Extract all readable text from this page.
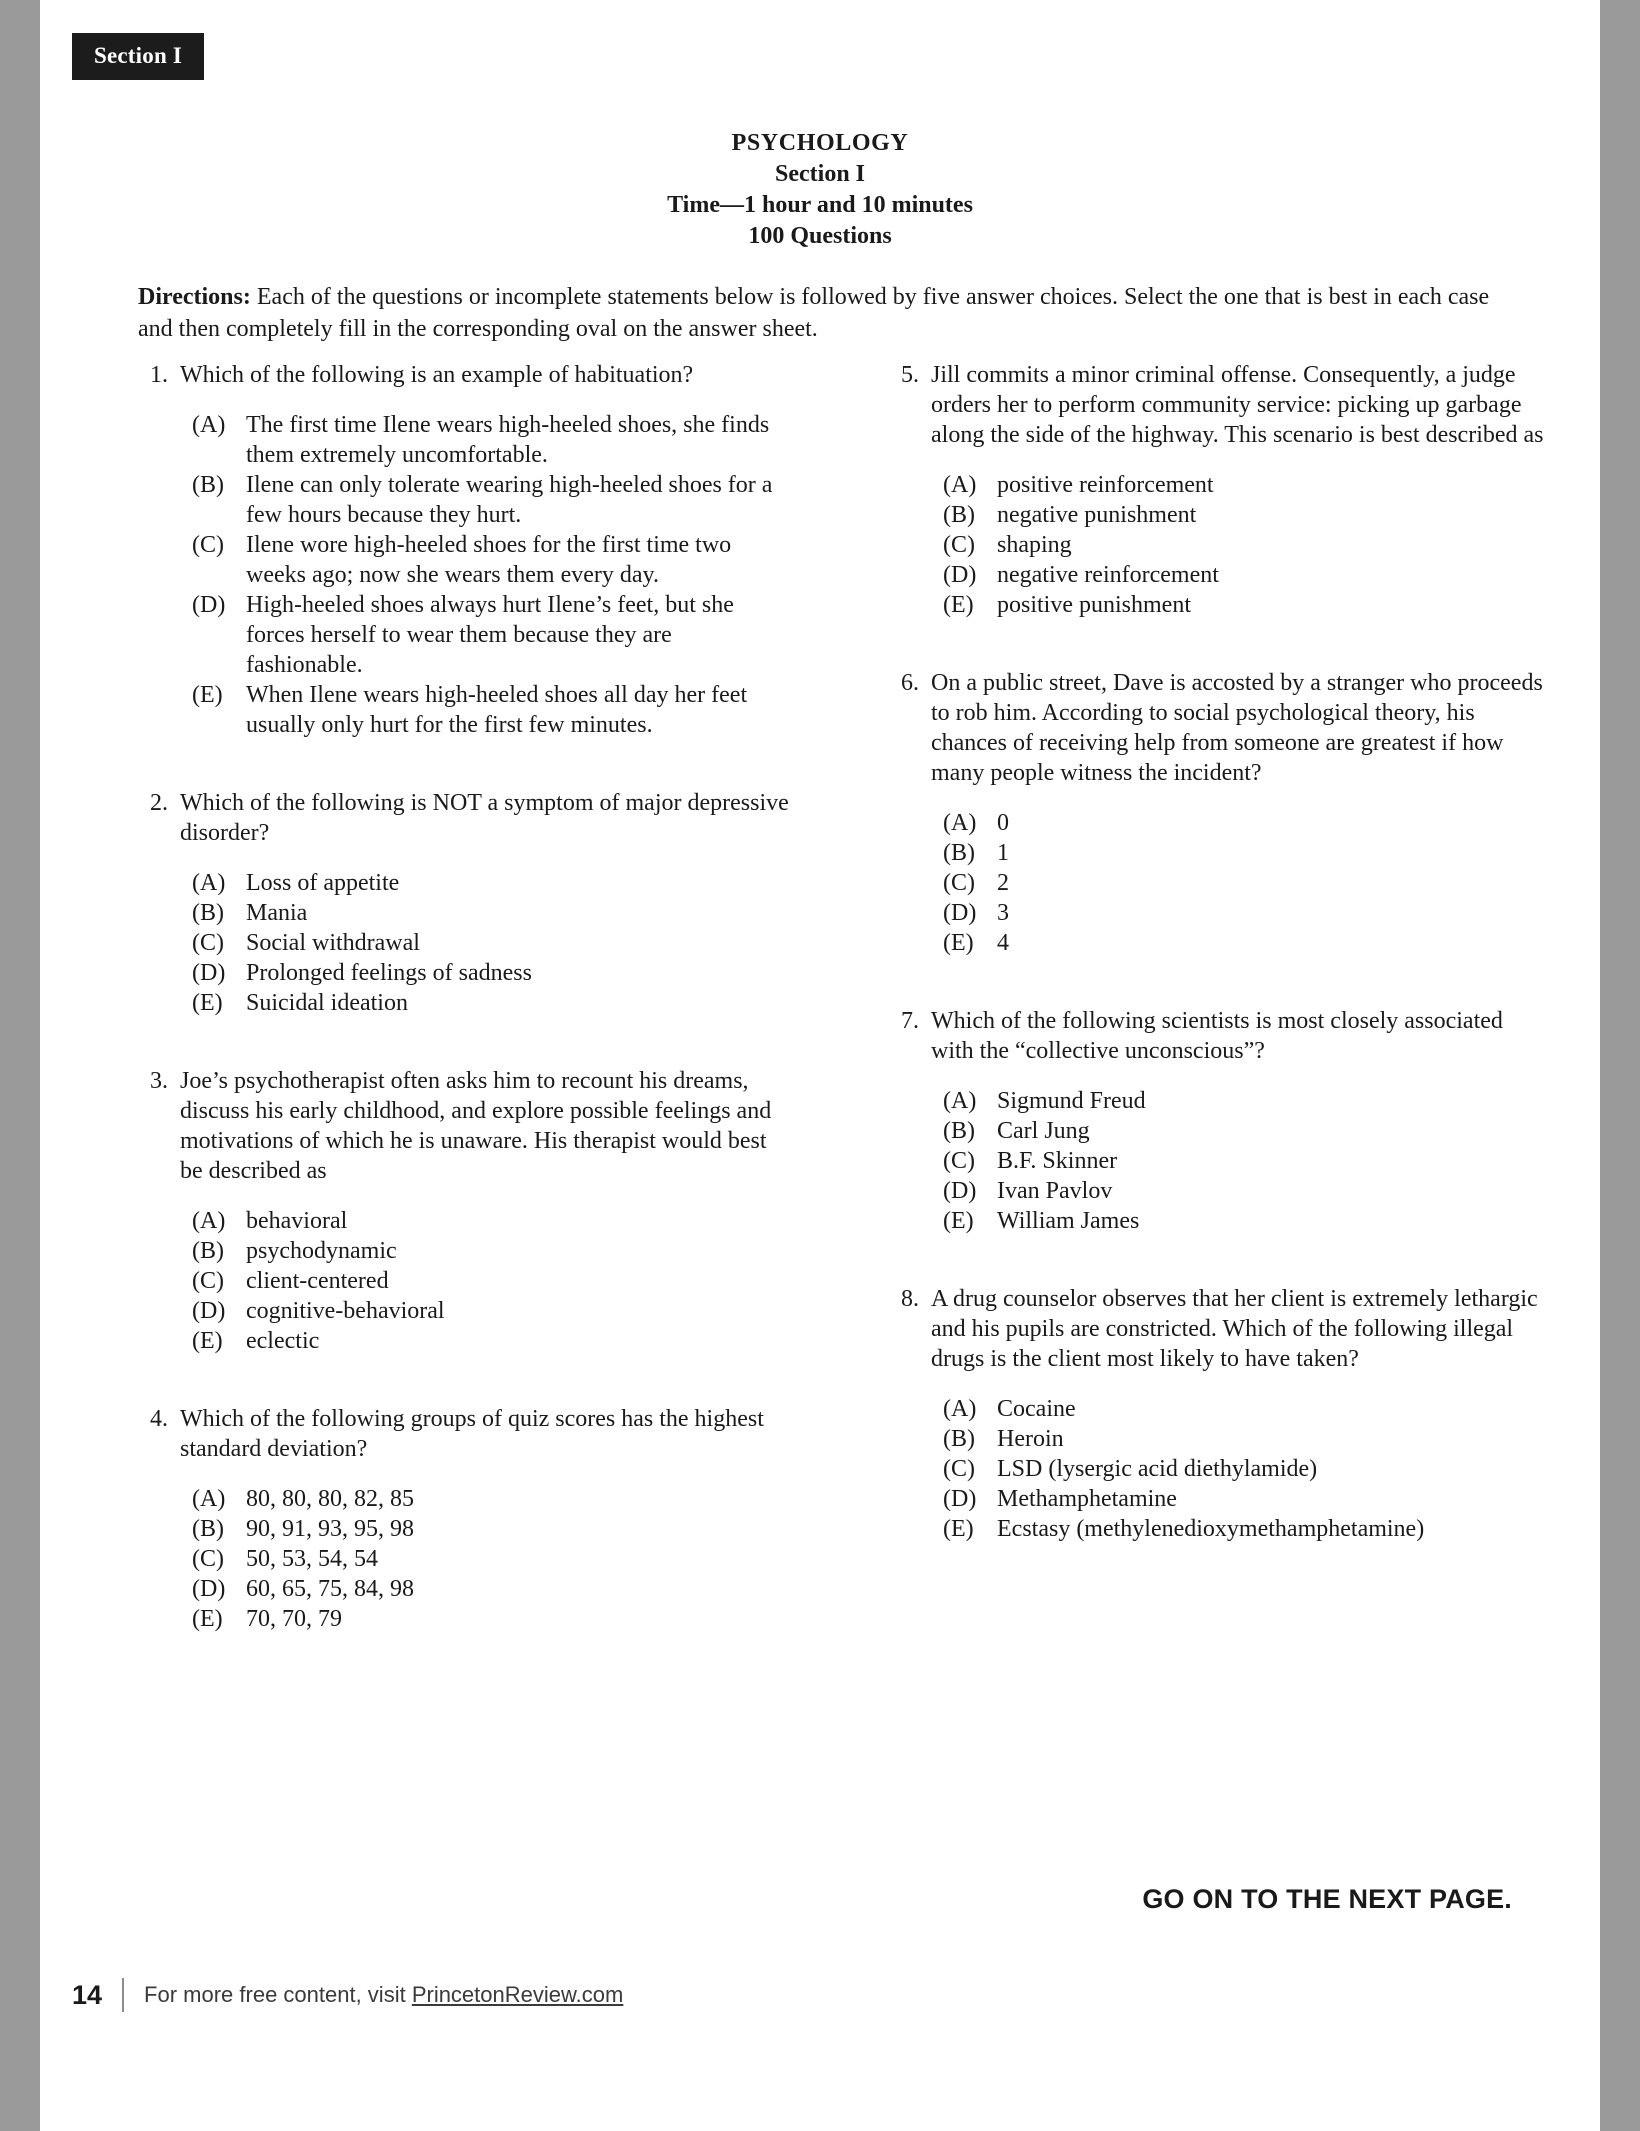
Section I
PSYCHOLOGY
Section I
Time—1 hour and 10 minutes
100 Questions
Directions: Each of the questions or incomplete statements below is followed by five answer choices. Select the one that is best in each case and then completely fill in the corresponding oval on the answer sheet.
1. Which of the following is an example of habituation?
(A) The first time Ilene wears high-heeled shoes, she finds them extremely uncomfortable.
(B) Ilene can only tolerate wearing high-heeled shoes for a few hours because they hurt.
(C) Ilene wore high-heeled shoes for the first time two weeks ago; now she wears them every day.
(D) High-heeled shoes always hurt Ilene’s feet, but she forces herself to wear them because they are fashionable.
(E) When Ilene wears high-heeled shoes all day her feet usually only hurt for the first few minutes.
2. Which of the following is NOT a symptom of major depressive disorder?
(A) Loss of appetite
(B) Mania
(C) Social withdrawal
(D) Prolonged feelings of sadness
(E) Suicidal ideation
3. Joe’s psychotherapist often asks him to recount his dreams, discuss his early childhood, and explore possible feelings and motivations of which he is unaware. His therapist would best be described as
(A) behavioral
(B) psychodynamic
(C) client-centered
(D) cognitive-behavioral
(E) eclectic
4. Which of the following groups of quiz scores has the highest standard deviation?
(A) 80, 80, 80, 82, 85
(B) 90, 91, 93, 95, 98
(C) 50, 53, 54, 54
(D) 60, 65, 75, 84, 98
(E) 70, 70, 79
5. Jill commits a minor criminal offense. Consequently, a judge orders her to perform community service: picking up garbage along the side of the highway. This scenario is best described as
(A) positive reinforcement
(B) negative punishment
(C) shaping
(D) negative reinforcement
(E) positive punishment
6. On a public street, Dave is accosted by a stranger who proceeds to rob him. According to social psychological theory, his chances of receiving help from someone are greatest if how many people witness the incident?
(A) 0
(B) 1
(C) 2
(D) 3
(E) 4
7. Which of the following scientists is most closely associated with the “collective unconscious”?
(A) Sigmund Freud
(B) Carl Jung
(C) B.F. Skinner
(D) Ivan Pavlov
(E) William James
8. A drug counselor observes that her client is extremely lethargic and his pupils are constricted. Which of the following illegal drugs is the client most likely to have taken?
(A) Cocaine
(B) Heroin
(C) LSD (lysergic acid diethylamide)
(D) Methamphetamine
(E) Ecstasy (methylenedioxymethamphetamine)
GO ON TO THE NEXT PAGE.
14 For more free content, visit PrincetonReview.com
